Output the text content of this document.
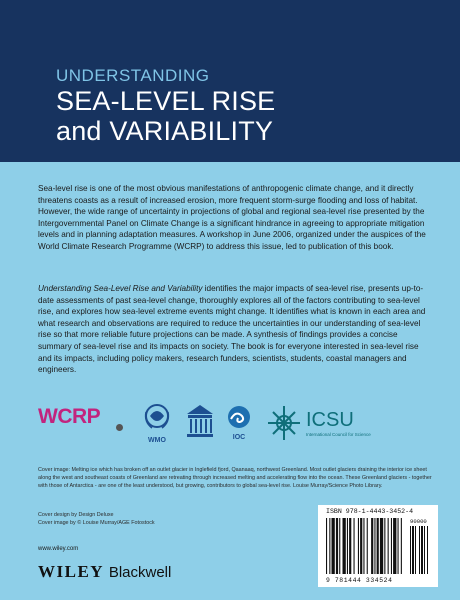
UNDERSTANDING
SEA-LEVEL RISE
and VARIABILITY

Sea-level rise is one of the most obvious manifestations of anthropogenic climate change, and it directly threatens coasts as a result of increased erosion, more frequent storm-surge flooding and loss of habitat. However, the wide range of uncertainty in projections of global and regional sea-level rise presented by the Intergovernmental Panel on Climate Change is a significant hindrance in agreeing to appropriate mitigation levels and in planning adaptation measures. A workshop in June 2006, organized under the auspices of the World Climate Research Programme (WCRP) to address this issue, led to publication of this book.

Understanding Sea-Level Rise and Variability identifies the major impacts of sea-level rise, presents up-to-date assessments of past sea-level change, thoroughly explores all of the factors contributing to sea-level rise, and explores how sea-level extreme events might change. It identifies what is known in each area and what research and observations are required to reduce the uncertainties in our understanding of sea-level rise so that more reliable future projections can be made. A synthesis of findings provides a concise summary of sea-level rise and its impacts on society. The book is for everyone interested in sea-level rise and its impacts, including policy makers, research funders, scientists, students, coastal managers and engineers.

WCRP
WMO	IOC
ICSU
International Council for Science

Cover image: Melting ice which has broken off an outlet glacier in Inglefield fjord, Qaanaaq, northwest Greenland. Most outlet glaciers draining the interior ice sheet along the west and southeast coasts of Greenland are retreating through increased melting and accelerating flow into the ocean. These Greenland glaciers - together with those of Antarctica - are one of the least understood, but growing, contributors to global sea-level rise. Louise Murray/Science Photo Library.

Cover design by Design Deluxe
Cover image by © Louise Murray/AGE Fotostock
www.wiley.com
WILEY Blackwell
ISBN 978-1-4443-3452-4
90000
9 781444 334524
